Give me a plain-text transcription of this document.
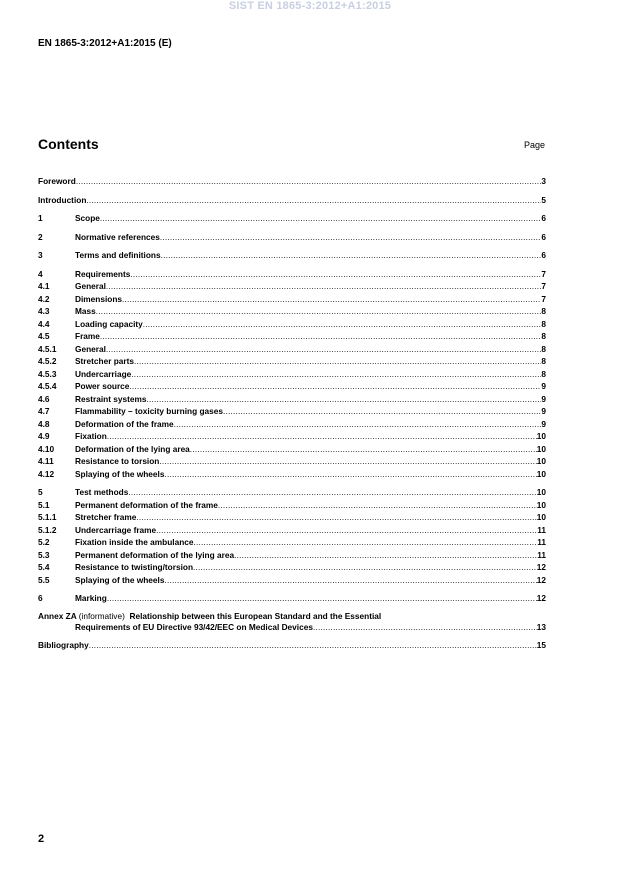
SIST EN 1865-3:2012+A1:2015
EN 1865-3:2012+A1:2015 (E)
Contents	Page
Foreword .....	3
Introduction .....	5
1	Scope .....	6
2	Normative references .....	6
3	Terms and definitions .....	6
4	Requirements .....	7
4.1	General .....	7
4.2	Dimensions .....	7
4.3	Mass .....	8
4.4	Loading capacity .....	8
4.5	Frame .....	8
4.5.1	General .....	8
4.5.2	Stretcher parts .....	8
4.5.3	Undercarriage .....	8
4.5.4	Power source .....	9
4.6	Restraint systems .....	9
4.7	Flammability – toxicity burning gases .....	9
4.8	Deformation of the frame .....	9
4.9	Fixation .....	10
4.10	Deformation of the lying area .....	10
4.11	Resistance to torsion .....	10
4.12	Splaying of the wheels .....	10
5	Test methods .....	10
5.1	Permanent deformation of the frame .....	10
5.1.1	Stretcher frame .....	10
5.1.2	Undercarriage frame .....	11
5.2	Fixation inside the ambulance .....	11
5.3	Permanent deformation of the lying area .....	11
5.4	Resistance to twisting/torsion .....	12
5.5	Splaying of the wheels .....	12
6	Marking .....	12
Annex ZA (informative) Relationship between this European Standard and the Essential
Requirements of EU Directive 93/42/EEC on Medical Devices .....	13
Bibliography .....	15
2
